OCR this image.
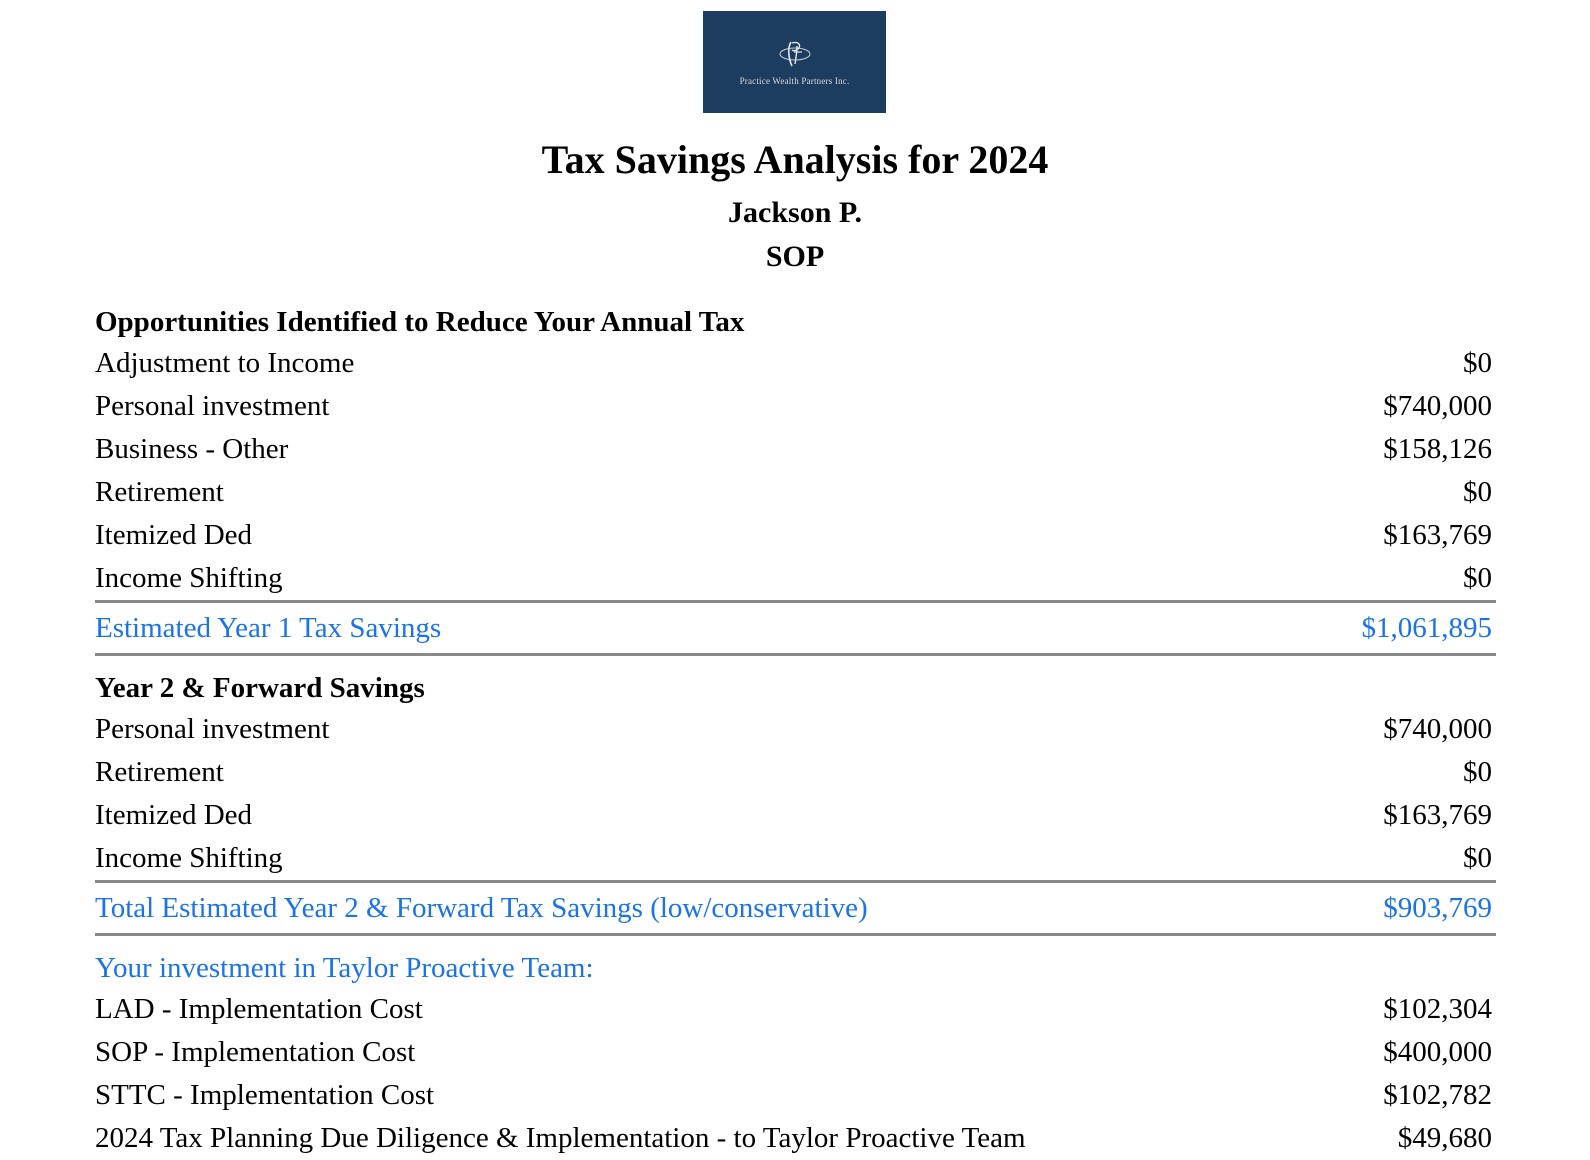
Practice Wealth Partners Inc.
Tax Savings Analysis for 2024
Jackson P.
SOP
Opportunities Identified to Reduce Your Annual Tax
Adjustment to Income	$0
Personal investment	$740,000
Business - Other	$158,126
Retirement	$0
Itemized Ded	$163,769
Income Shifting	$0
Estimated Year 1 Tax Savings	$1,061,895
Year 2 & Forward Savings
Personal investment	$740,000
Retirement	$0
Itemized Ded	$163,769
Income Shifting	$0
Total Estimated Year 2 & Forward Tax Savings (low/conservative)	$903,769
Your investment in Taylor Proactive Team:
LAD - Implementation Cost	$102,304
SOP - Implementation Cost	$400,000
STTC - Implementation Cost	$102,782
2024 Tax Planning Due Diligence & Implementation - to Taylor Proactive Team	$49,680
